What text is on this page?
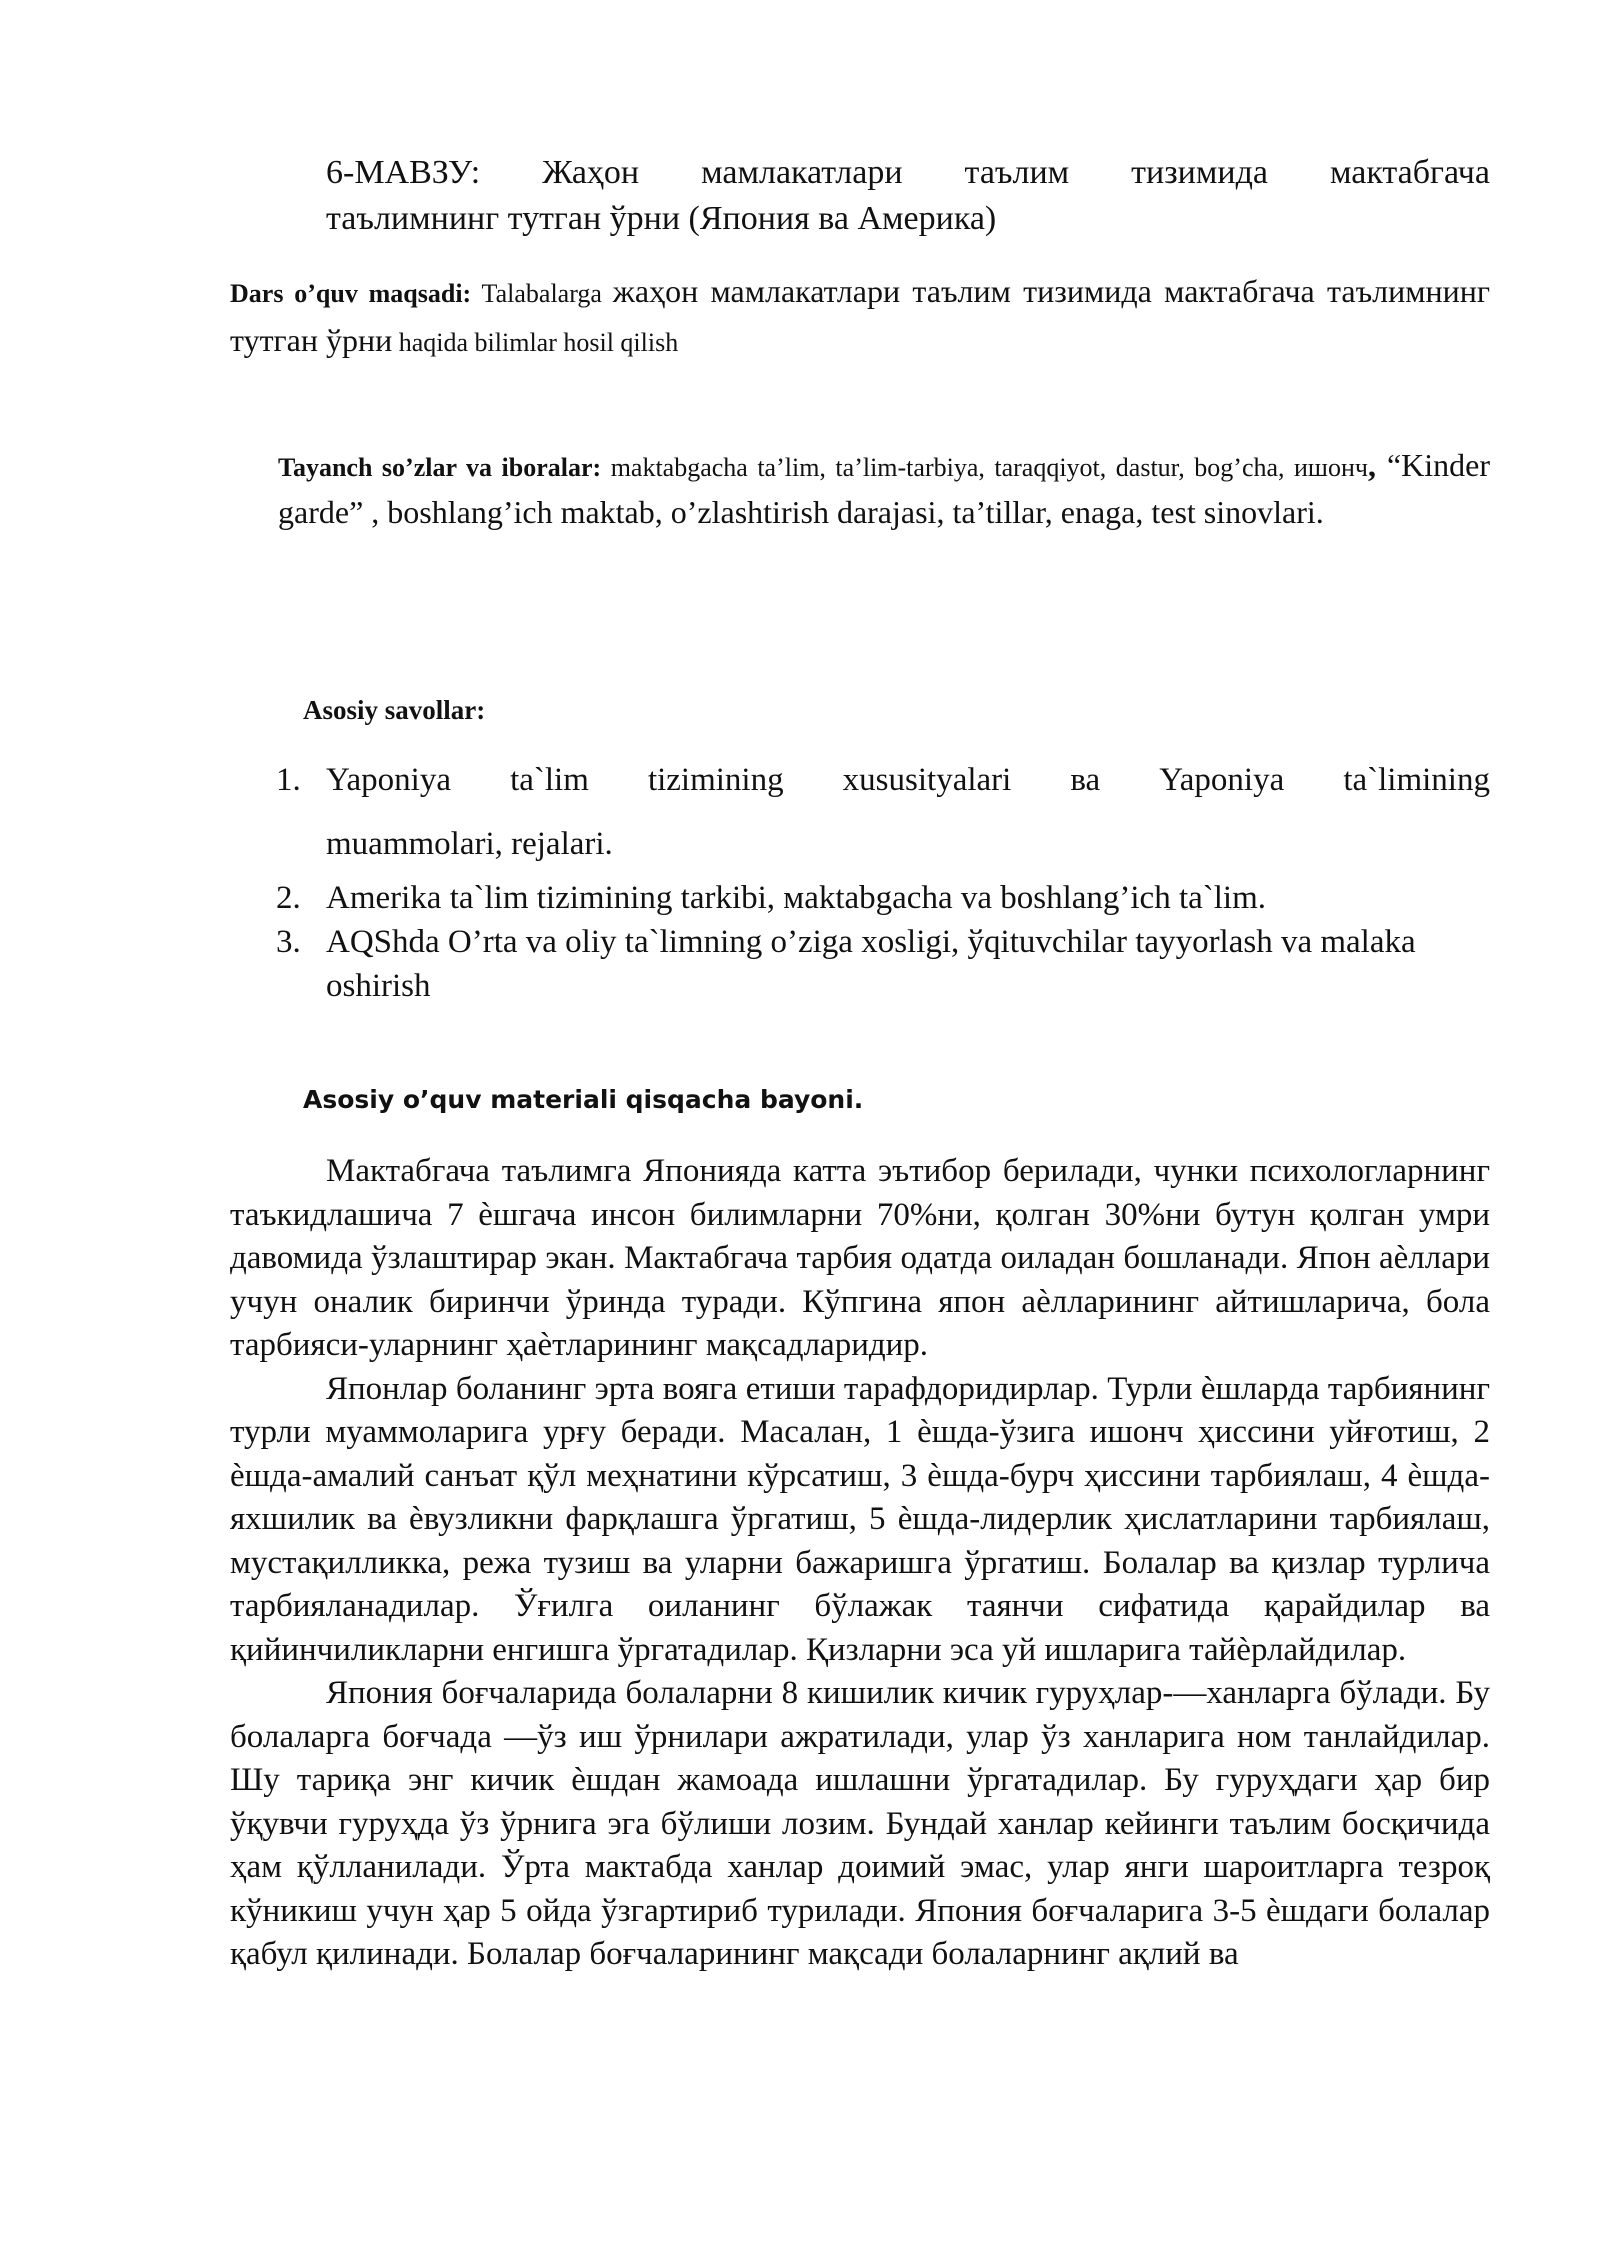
6-МАВЗУ: Жаҳон мамлакатлари таълим тизимида мактабгача
таълимнинг тутган ўрни (Япония ва Америка)
Dars o’quv maqsadi: Talabalarga жаҳон мамлакатлари таълим тизимида мактабгача таълимнинг тутган ўрни haqida bilimlar hosil qilish
Tayanch so’zlar va iboralar: maktabgacha ta’lim, ta’lim-tarbiya, taraqqiyot, dastur, bog’cha, ишонч, “Kinder garde” , boshlang’ich maktab, o’zlashtirish darajasi, ta’tillar, enaga, test sinovlari.
Asosiy savollar:
1. Yaponiya ta`lim tizimining xususityalari ва Yaponiya ta`limining
muammolari, rejalari.
2. Amerika ta`lim tizimining tarkibi, мaktabgacha va boshlang’ich ta`lim.
3. AQShda O’rta va oliy ta`limning o’ziga xosligi, ўqituvchilar tayyorlash va malaka oshirish
Asosiy o’quv materiali qisqacha bayoni.

Мактабгача таълимга Японияда катта эътибор берилади, чунки психологларнинг таъкидлашича 7 ѐшгача инсон билимларни 70%ни, қолган 30%ни бутун қолган умри давомида ўзлаштирар экан. Мактабгача тарбия одатда оиладан бошланади. Япон аѐллари учун оналик биринчи ўринда туради. Кўпгина япон аѐлларининг айтишларича, бола тарбияси-уларнинг ҳаѐтларининг мақсадларидир.

Японлар боланинг эрта вояга етиши тарафдоридирлар. Турли ѐшларда тарбиянинг турли муаммоларига урғу беради. Масалан, 1 ѐшда-ўзига ишонч ҳиссини уйғотиш, 2 ѐшда-амалий санъат қўл меҳнатини кўрсатиш, 3 ѐшда-бурч ҳиссини тарбиялаш, 4 ѐшда-яхшилик ва ѐвузликни фарқлашга ўргатиш, 5 ѐшда-лидерлик ҳислатларини тарбиялаш, мустақилликка, режа тузиш ва уларни бажаришга ўргатиш. Болалар ва қизлар турлича тарбияланадилар. Ўғилга оиланинг бўлажак таянчи сифатида қарайдилар ва қийинчиликларни енгишга ўргатадилар. Қизларни эса уй ишларига тайѐрлайдилар.

Япония боғчаларида болаларни 8 кишилик кичик гуруҳлар-—ханларга бўлади. Бу болаларга боғчада —ўз иш ўрнилари ажратилади, улар ўз ханларига ном танлайдилар. Шу тариқа энг кичик ѐшдан жамоада ишлашни ўргатадилар. Бу гуруҳдаги ҳар бир ўқувчи гуруҳда ўз ўрнига эга бўлиши лозим. Бундай ханлар кейинги таълим босқичида ҳам қўлланилади. Ўрта мактабда ханлар доимий эмас, улар янги шароитларга тезроқ кўникиш учун ҳар 5 ойда ўзгартириб турилади. Япония боғчаларига 3-5 ѐшдаги болалар қабул қилинади. Болалар боғчаларининг мақсади болаларнинг ақлий ва
